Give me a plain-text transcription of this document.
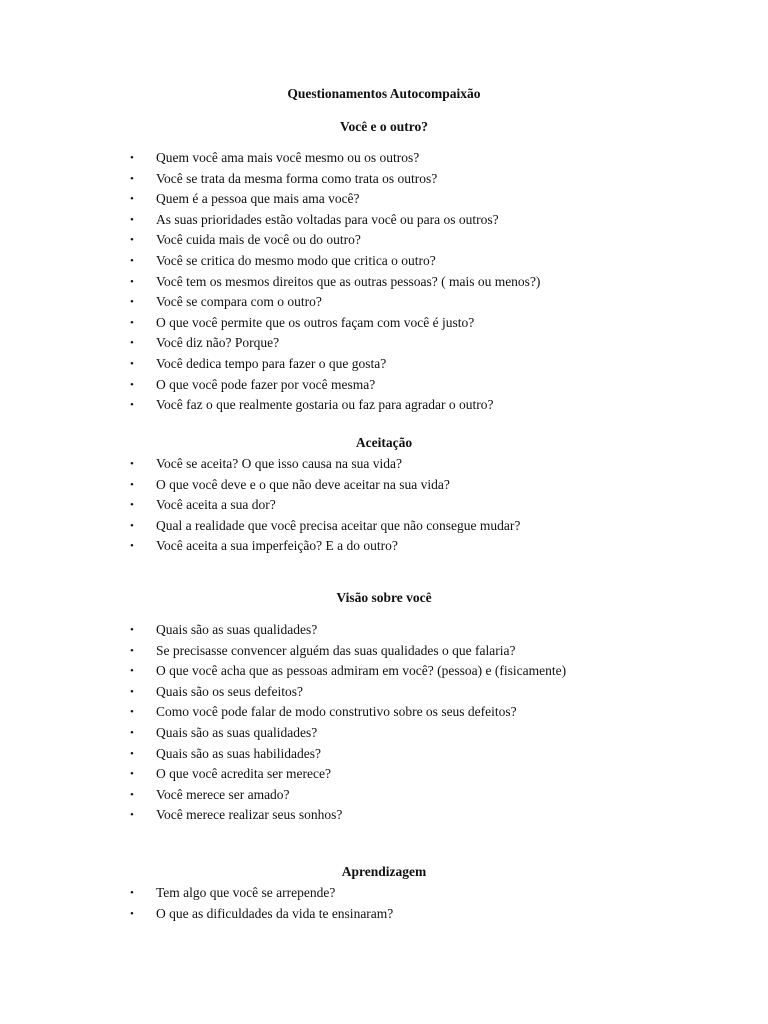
Questionamentos Autocompaixão
Você e o outro?
• Quem você ama mais você mesmo ou os outros?
• Você se trata da mesma forma como trata os outros?
• Quem é a pessoa que mais ama você?
• As suas prioridades estão voltadas para você ou para os outros?
• Você cuida mais de você ou do outro?
• Você se critica do mesmo modo que critica o outro?
• Você tem os mesmos direitos que as outras pessoas? ( mais ou menos?)
• Você se compara com o outro?
• O que você permite que os outros façam com você é justo?
• Você diz não? Porque?
• Você dedica tempo para fazer o que gosta?
• O que você pode fazer por você mesma?
• Você faz o que realmente gostaria ou faz para agradar o outro?
Aceitação
• Você se aceita? O que isso causa na sua vida?
• O que você deve e o que não deve aceitar na sua vida?
• Você aceita a sua dor?
• Qual a realidade que você precisa aceitar que não consegue mudar?
• Você aceita a sua imperfeição? E a do outro?
Visão sobre você
• Quais são as suas qualidades?
• Se precisasse convencer alguém das suas qualidades o que falaria?
• O que você acha que as pessoas admiram em você? (pessoa) e (fisicamente)
• Quais são os seus defeitos?
• Como você pode falar de modo construtivo sobre os seus defeitos?
• Quais são as suas qualidades?
• Quais são as suas habilidades?
• O que você acredita ser merece?
• Você merece ser amado?
• Você merece realizar seus sonhos?
Aprendizagem
• Tem algo que você se arrepende?
• O que as dificuldades da vida te ensinaram?
